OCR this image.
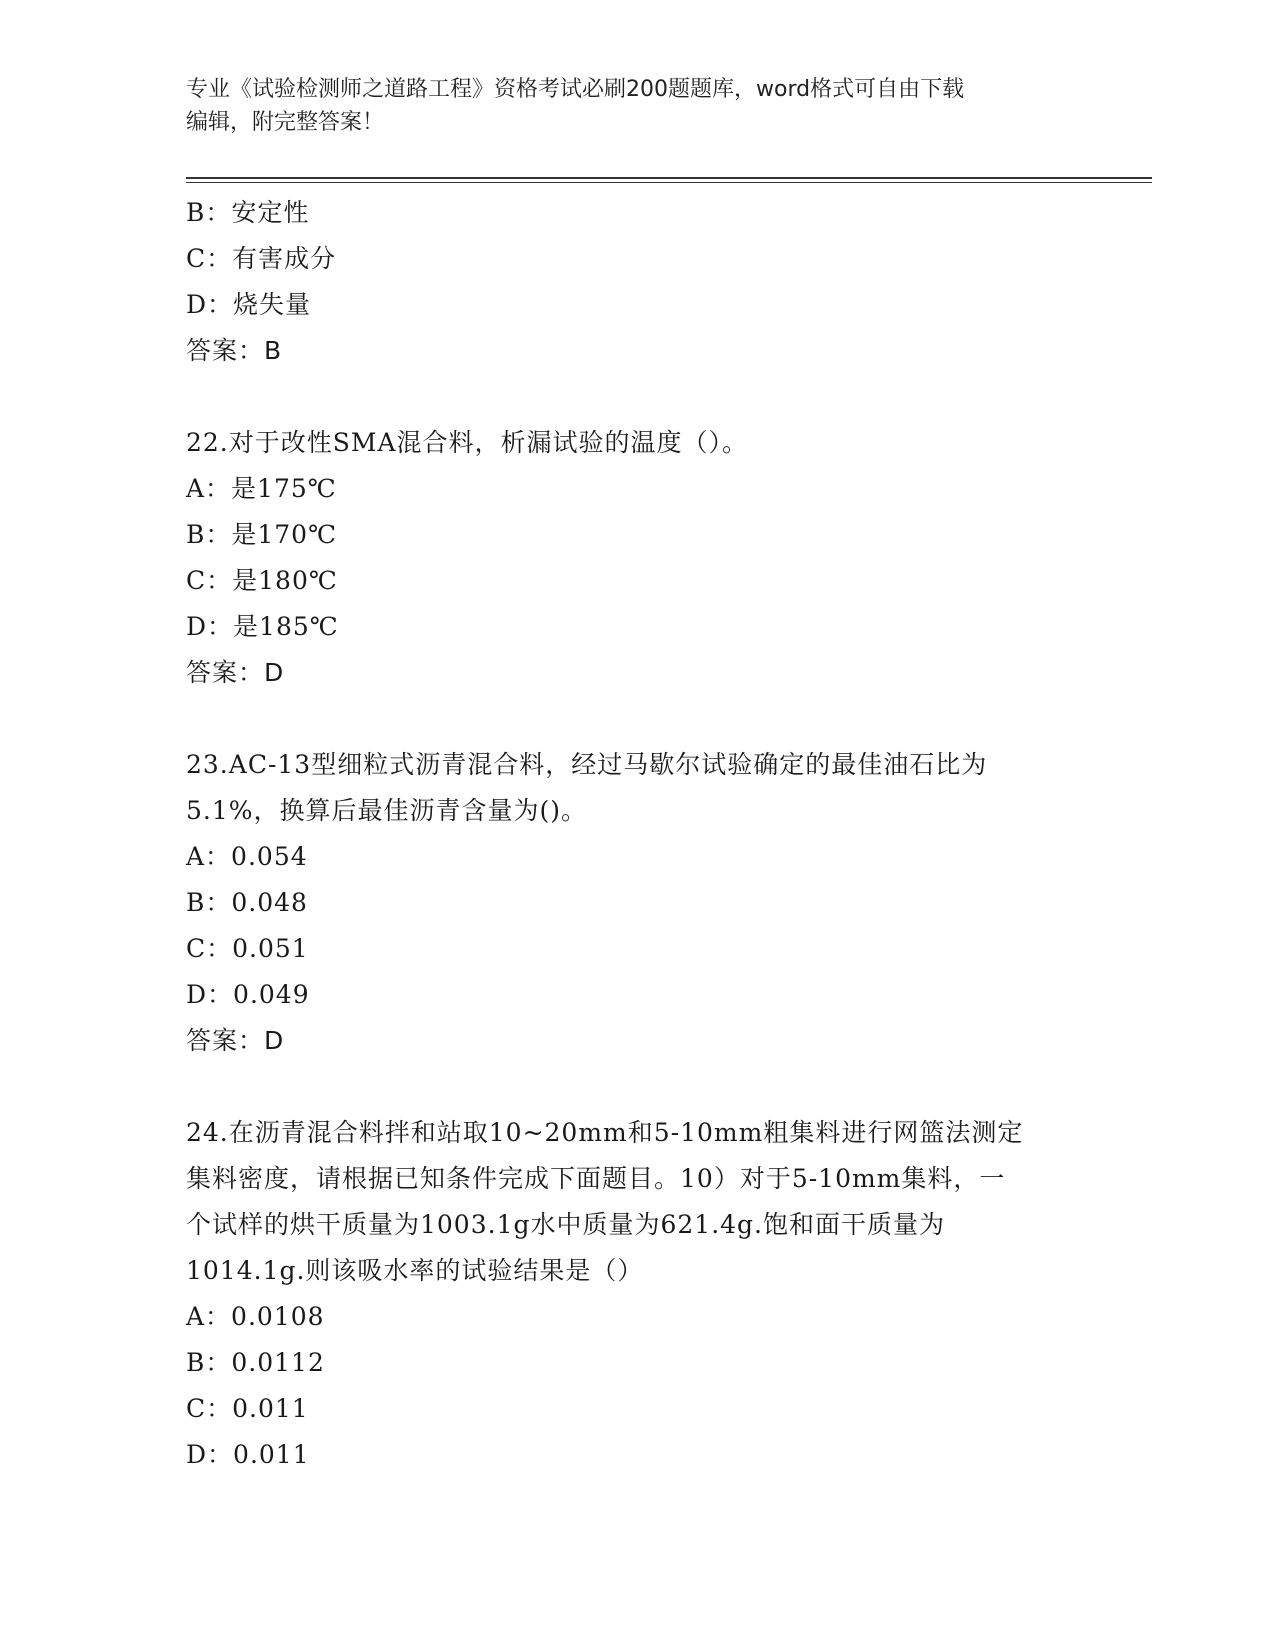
专业《试验检测师之道路工程》资格考试必刷200题题库，word格式可自由下载
编辑，附完整答案！
B：安定性
C：有害成分
D：烧失量
答案：B
22.对于改性SMA混合料，析漏试验的温度（）。
A：是175℃
B：是170℃
C：是180℃
D：是185℃
答案：D
23.AC-13型细粒式沥青混合料，经过马歇尔试验确定的最佳油石比为
5.1%，换算后最佳沥青含量为()。
A：0.054
B：0.048
C：0.051
D：0.049
答案：D
24.在沥青混合料拌和站取10~20mm和5-10mm粗集料进行网篮法测定
集料密度，请根据已知条件完成下面题目。10）对于5-10mm集料，一
个试样的烘干质量为1003.1g水中质量为621.4g.饱和面干质量为
1014.1g.则该吸水率的试验结果是（）
A：0.0108
B：0.0112
C：0.011
D：0.011
